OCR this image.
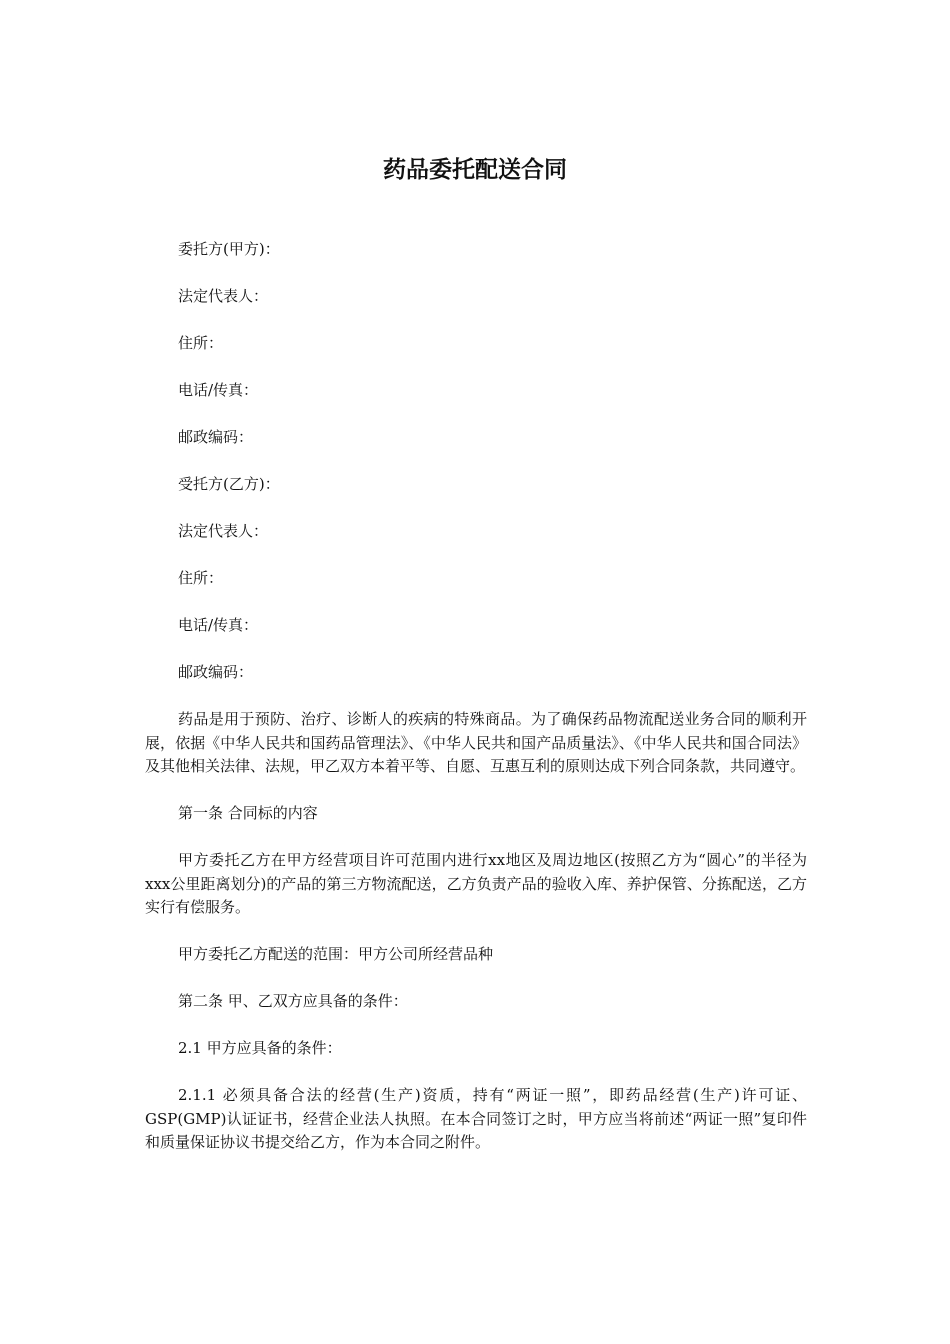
药品委托配送合同

委托方(甲方)：

法定代表人：

住所：

电话/传真：

邮政编码：

受托方(乙方)：

法定代表人：

住所：

电话/传真：

邮政编码：

药品是用于预防、治疗、诊断人的疾病的特殊商品。为了确保药品物流配送业务合同的顺利开展，依据《中华人民共和国药品管理法》、《中华人民共和国产品质量法》、《中华人民共和国合同法》及其他相关法律、法规，甲乙双方本着平等、自愿、互惠互利的原则达成下列合同条款，共同遵守。

第一条 合同标的内容

甲方委托乙方在甲方经营项目许可范围内进行xx地区及周边地区(按照乙方为“圆心”的半径为xxx公里距离划分)的产品的第三方物流配送，乙方负责产品的验收入库、养护保管、分拣配送，乙方实行有偿服务。

甲方委托乙方配送的范围：甲方公司所经营品种

第二条 甲、乙双方应具备的条件：

2.1 甲方应具备的条件：

2.1.1 必须具备合法的经营(生产)资质，持有“两证一照”，即药品经营(生产)许可证、GSP(GMP)认证证书，经营企业法人执照。在本合同签订之时，甲方应当将前述“两证一照”复印件和质量保证协议书提交给乙方，作为本合同之附件。
